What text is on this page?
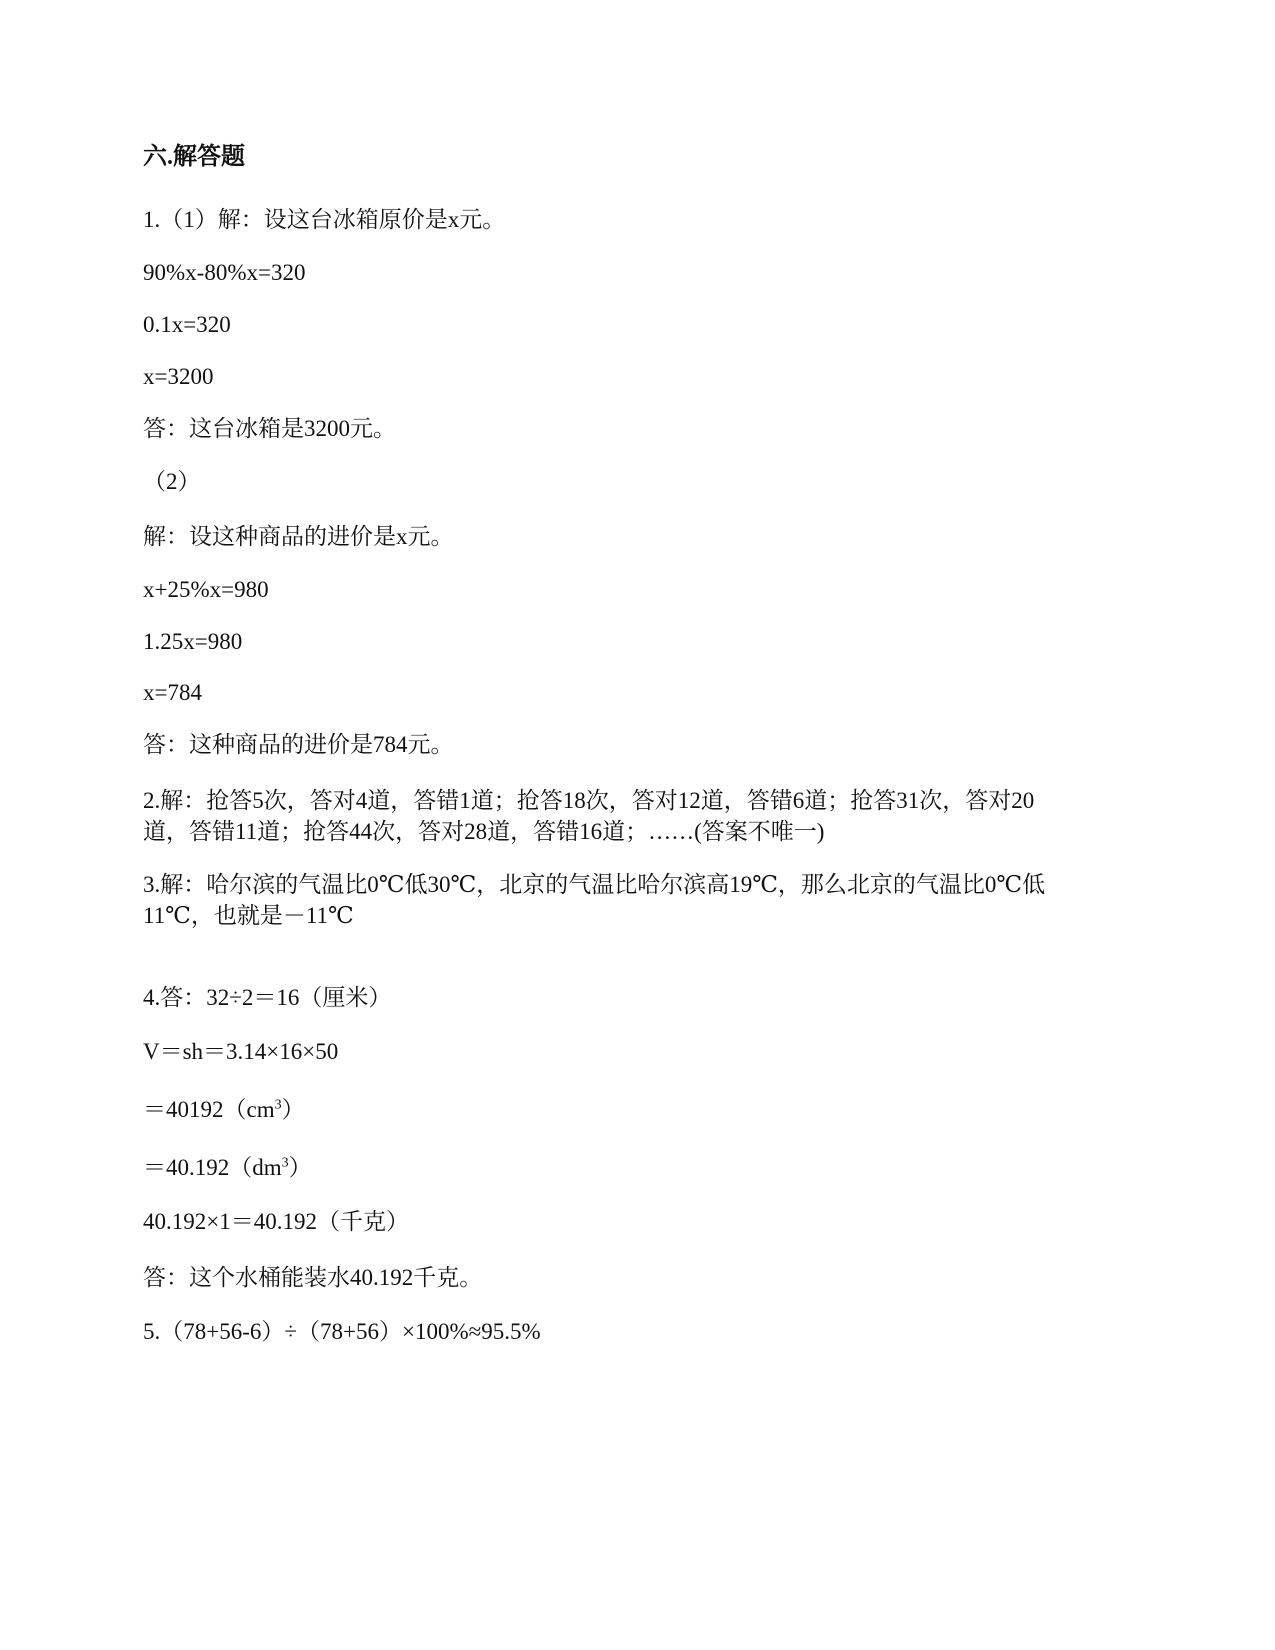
六.解答题
1.（1）解：设这台冰箱原价是x元。
90%x-80%x=320
0.1x=320
x=3200
答：这台冰箱是3200元。
（2）
解：设这种商品的进价是x元。
x+25%x=980
1.25x=980
x=784
答：这种商品的进价是784元。
2.解：抢答5次，答对4道，答错1道；抢答18次，答对12道，答错6道；抢答31次，答对20道，答错11道；抢答44次，答对28道，答错16道；……(答案不唯一)
3.解：哈尔滨的气温比0℃低30℃，北京的气温比哈尔滨高19℃，那么北京的气温比0℃低11℃，也就是－11℃
4.答：32÷2＝16（厘米）
V＝sh＝3.14×16×50
$=40192(cm^3)$
$=40.192(dm^3)$
40.192×1＝40.192（千克）
答：这个水桶能装水40.192千克。
5.（78+56-6）÷（78+56）×100%≈95.5%
